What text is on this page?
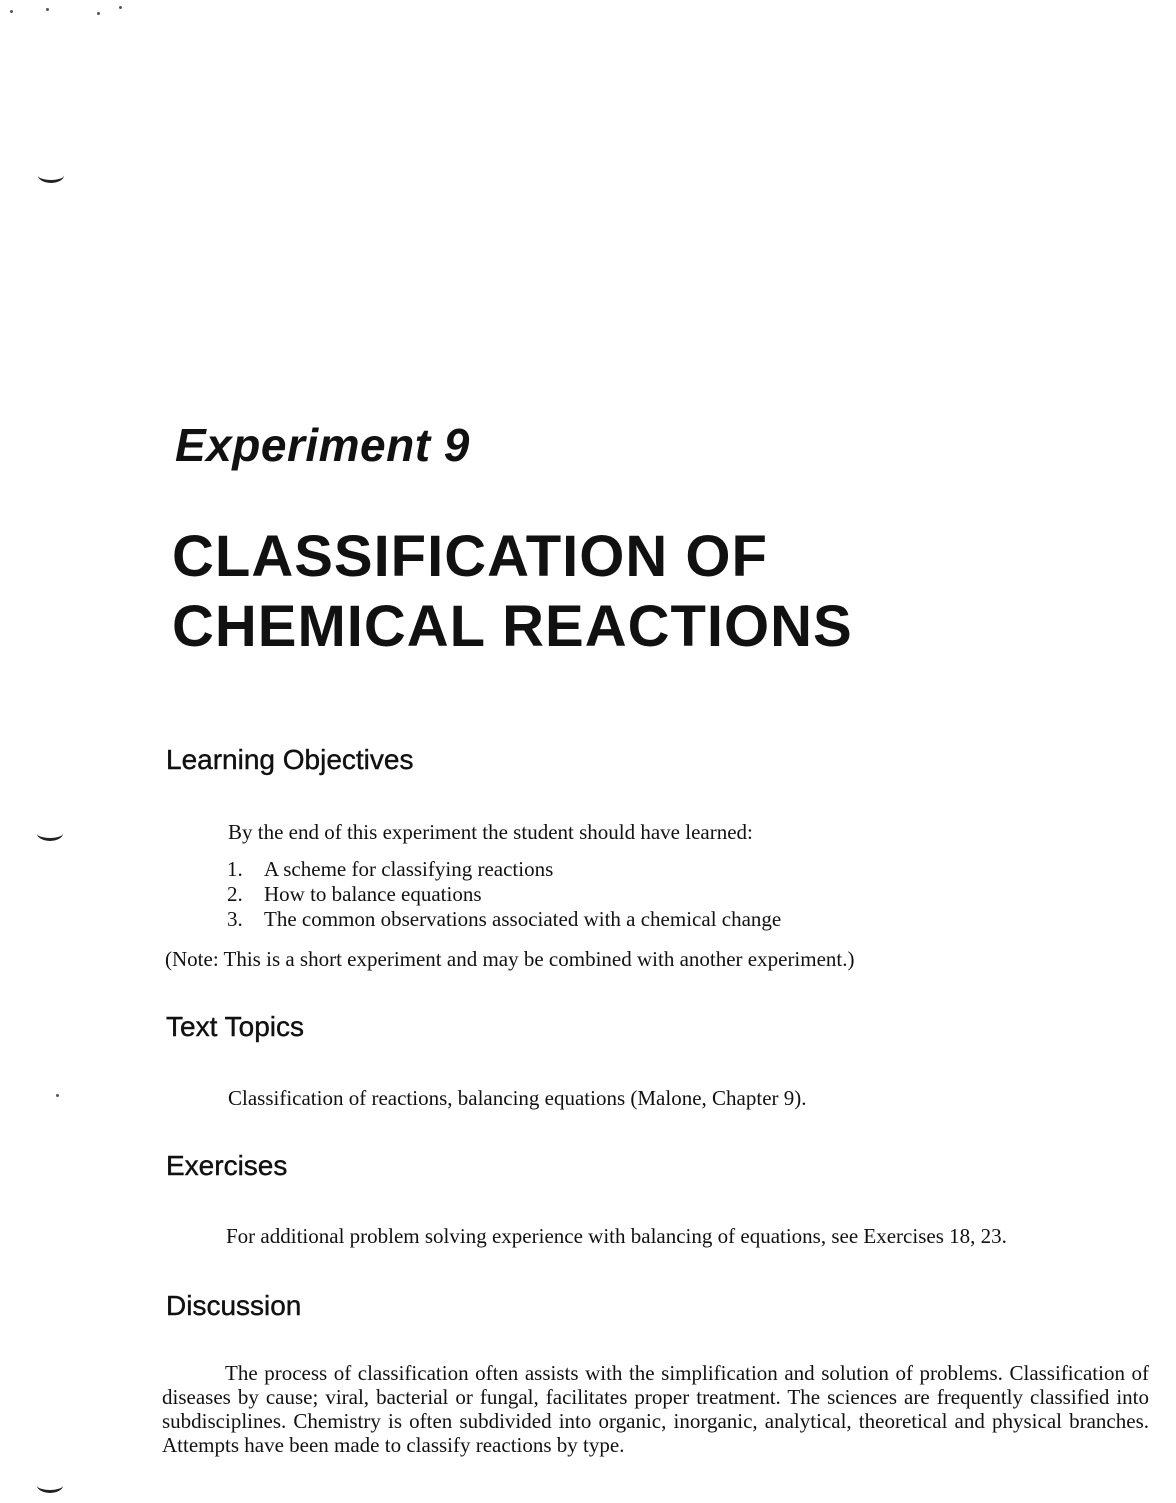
Experiment 9
CLASSIFICATION OF
CHEMICAL REACTIONS
Learning Objectives

By the end of this experiment the student should have learned:

1.	A scheme for classifying reactions
2.	How to balance equations
3.	The common observations associated with a chemical change

(Note: This is a short experiment and may be combined with another experiment.)

Text Topics

Classification of reactions, balancing equations (Malone, Chapter 9).

Exercises

For additional problem solving experience with balancing of equations, see Exercises 18, 23.

Discussion

The process of classification often assists with the simplification and solution of problems. Classification of diseases by cause; viral, bacterial or fungal, facilitates proper treatment. The sciences are frequently classified into subdisciplines. Chemistry is often subdivided into organic, inorganic, analytical, theoretical and physical branches. Attempts have been made to classify reactions by type.
